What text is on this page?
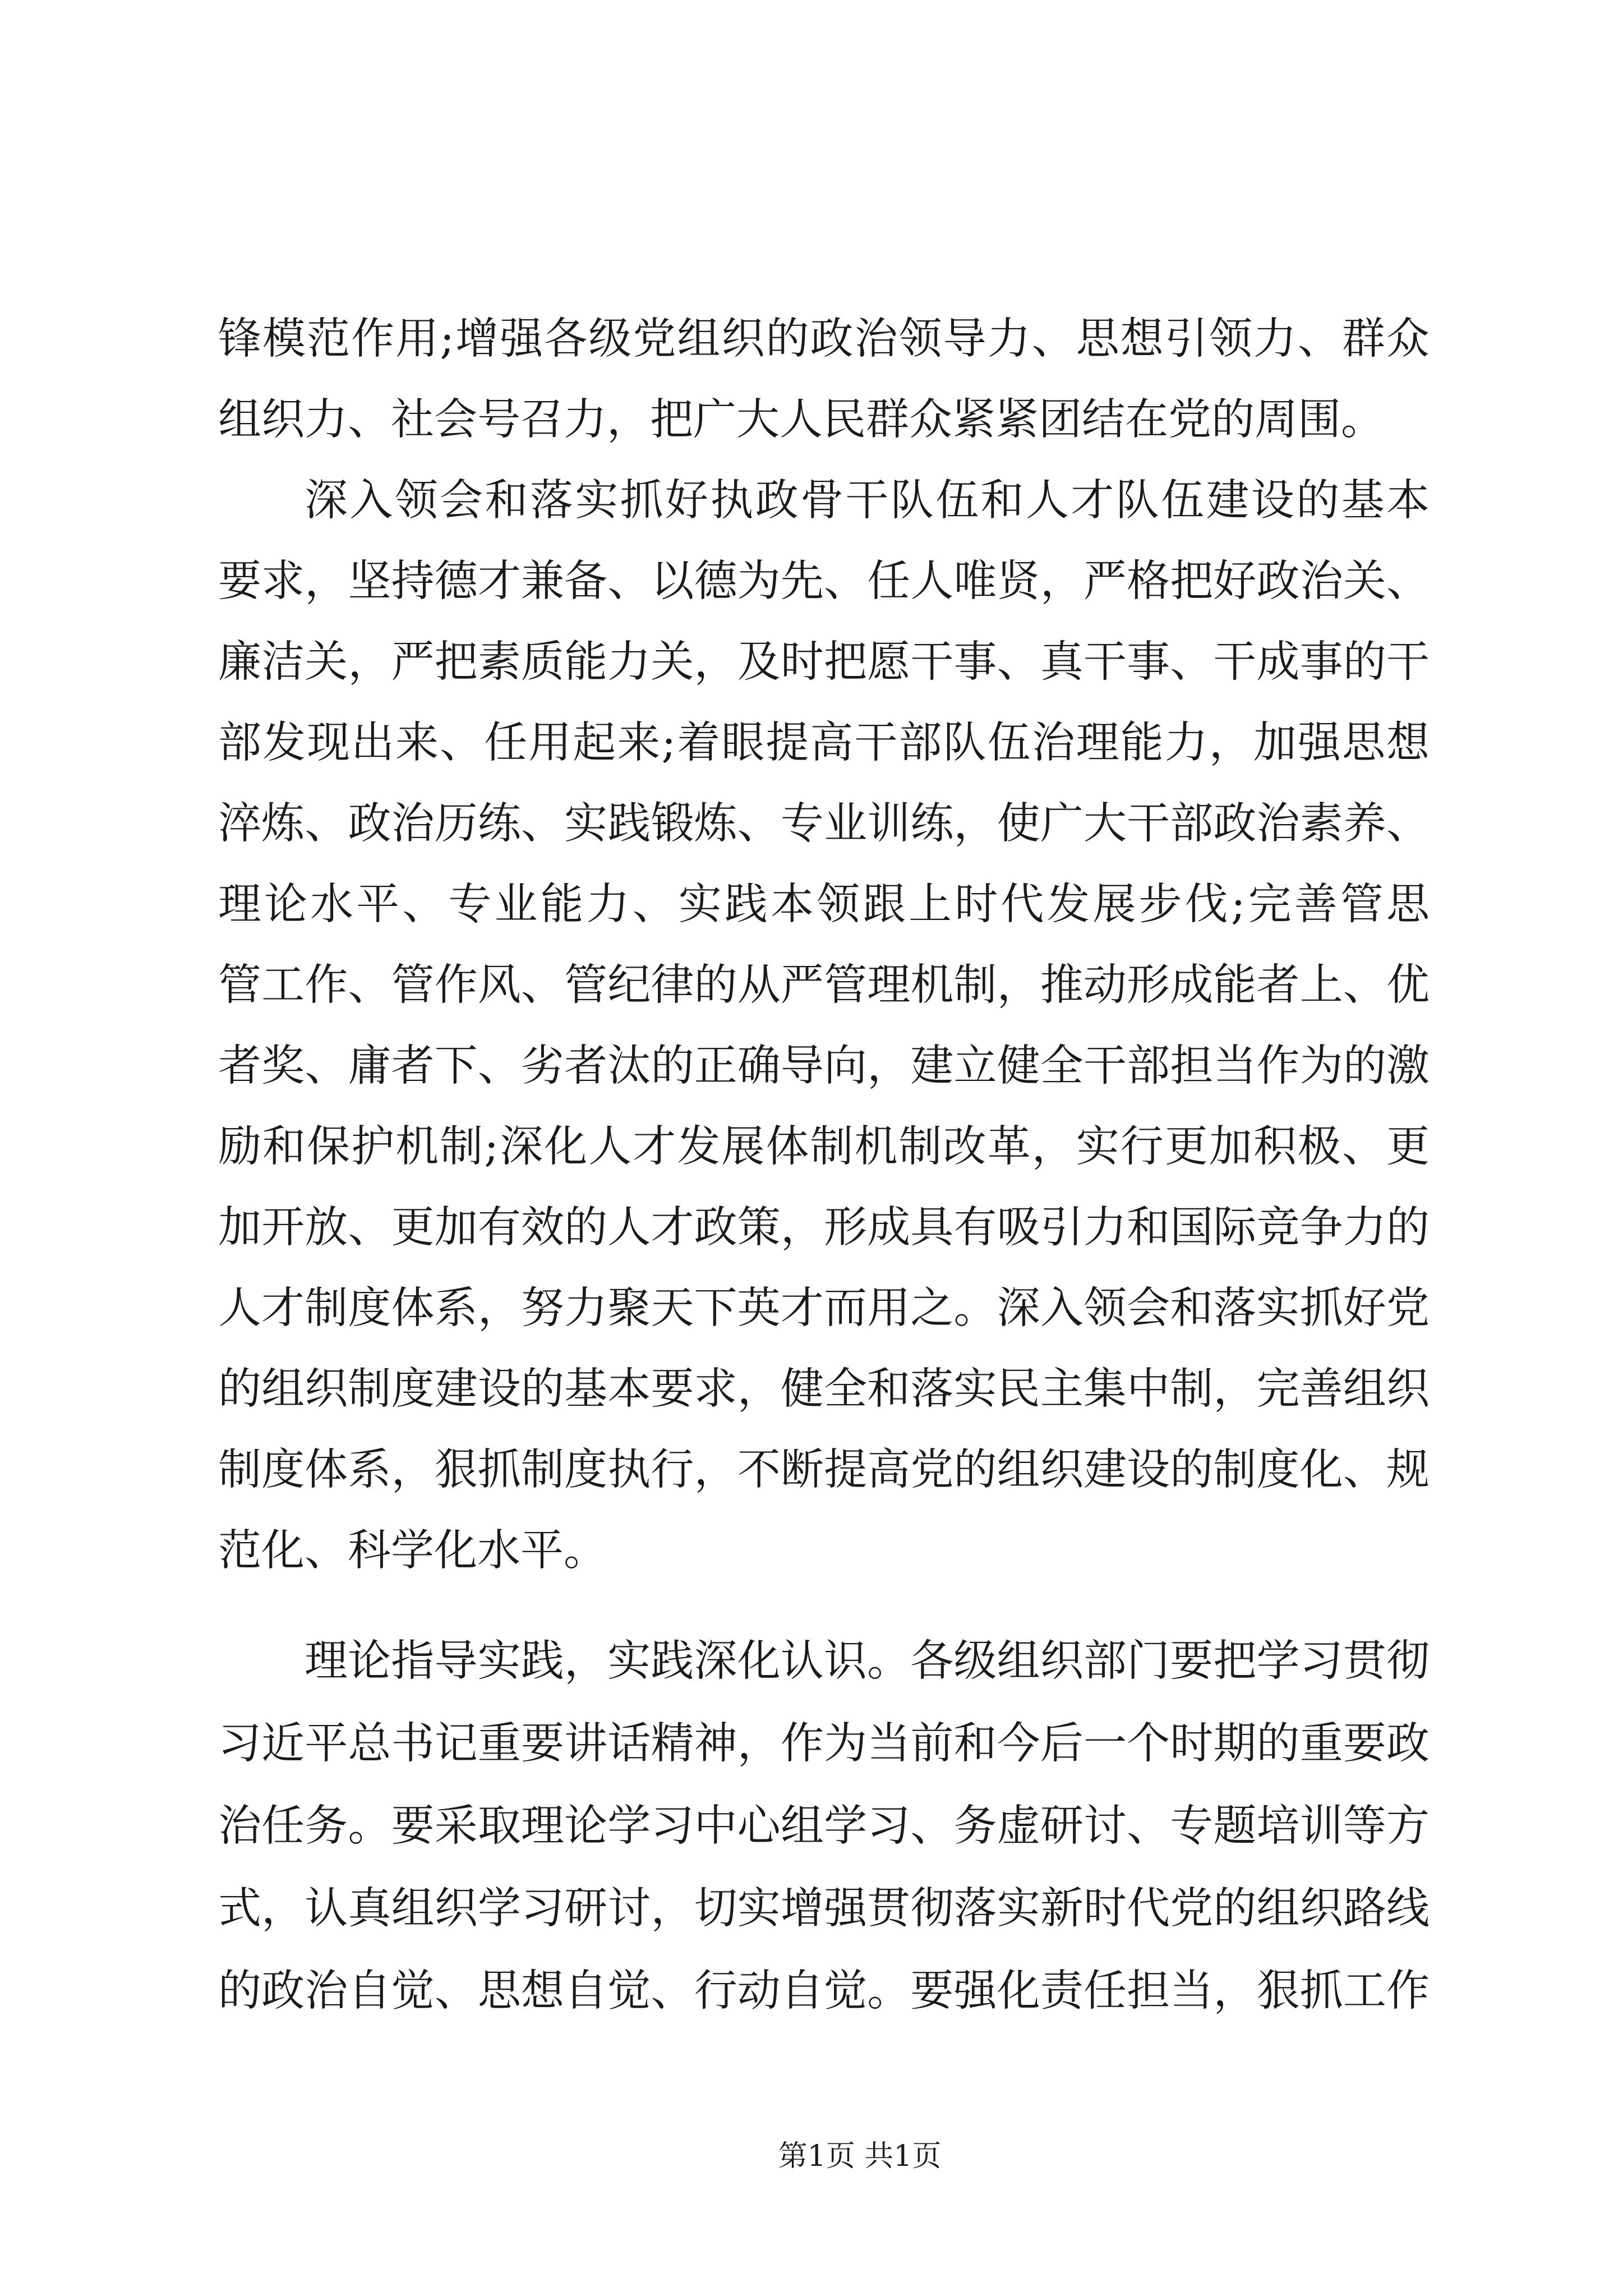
锋模范作用;增强各级党组织的政治领导力、思想引领力、群众
组织力、社会号召力，把广大人民群众紧紧团结在党的周围。
深入领会和落实抓好执政骨干队伍和人才队伍建设的基本
要求，坚持德才兼备、以德为先、任人唯贤，严格把好政治关、
廉洁关，严把素质能力关，及时把愿干事、真干事、干成事的干
部发现出来、任用起来;着眼提高干部队伍治理能力，加强思想
淬炼、政治历练、实践锻炼、专业训练，使广大干部政治素养、
理论水平、专业能力、实践本领跟上时代发展步伐;完善管思
管工作、管作风、管纪律的从严管理机制，推动形成能者上、优
者奖、庸者下、劣者汰的正确导向，建立健全干部担当作为的激
励和保护机制;深化人才发展体制机制改革，实行更加积极、更
加开放、更加有效的人才政策，形成具有吸引力和国际竞争力的
人才制度体系，努力聚天下英才而用之。深入领会和落实抓好党
的组织制度建设的基本要求，健全和落实民主集中制，完善组织
制度体系，狠抓制度执行，不断提高党的组织建设的制度化、规
范化、科学化水平。
理论指导实践，实践深化认识。各级组织部门要把学习贯彻
习近平总书记重要讲话精神，作为当前和今后一个时期的重要政
治任务。要采取理论学习中心组学习、务虚研讨、专题培训等方
式，认真组织学习研讨，切实增强贯彻落实新时代党的组织路线
的政治自觉、思想自觉、行动自觉。要强化责任担当，狠抓工作
第1页 共1页
